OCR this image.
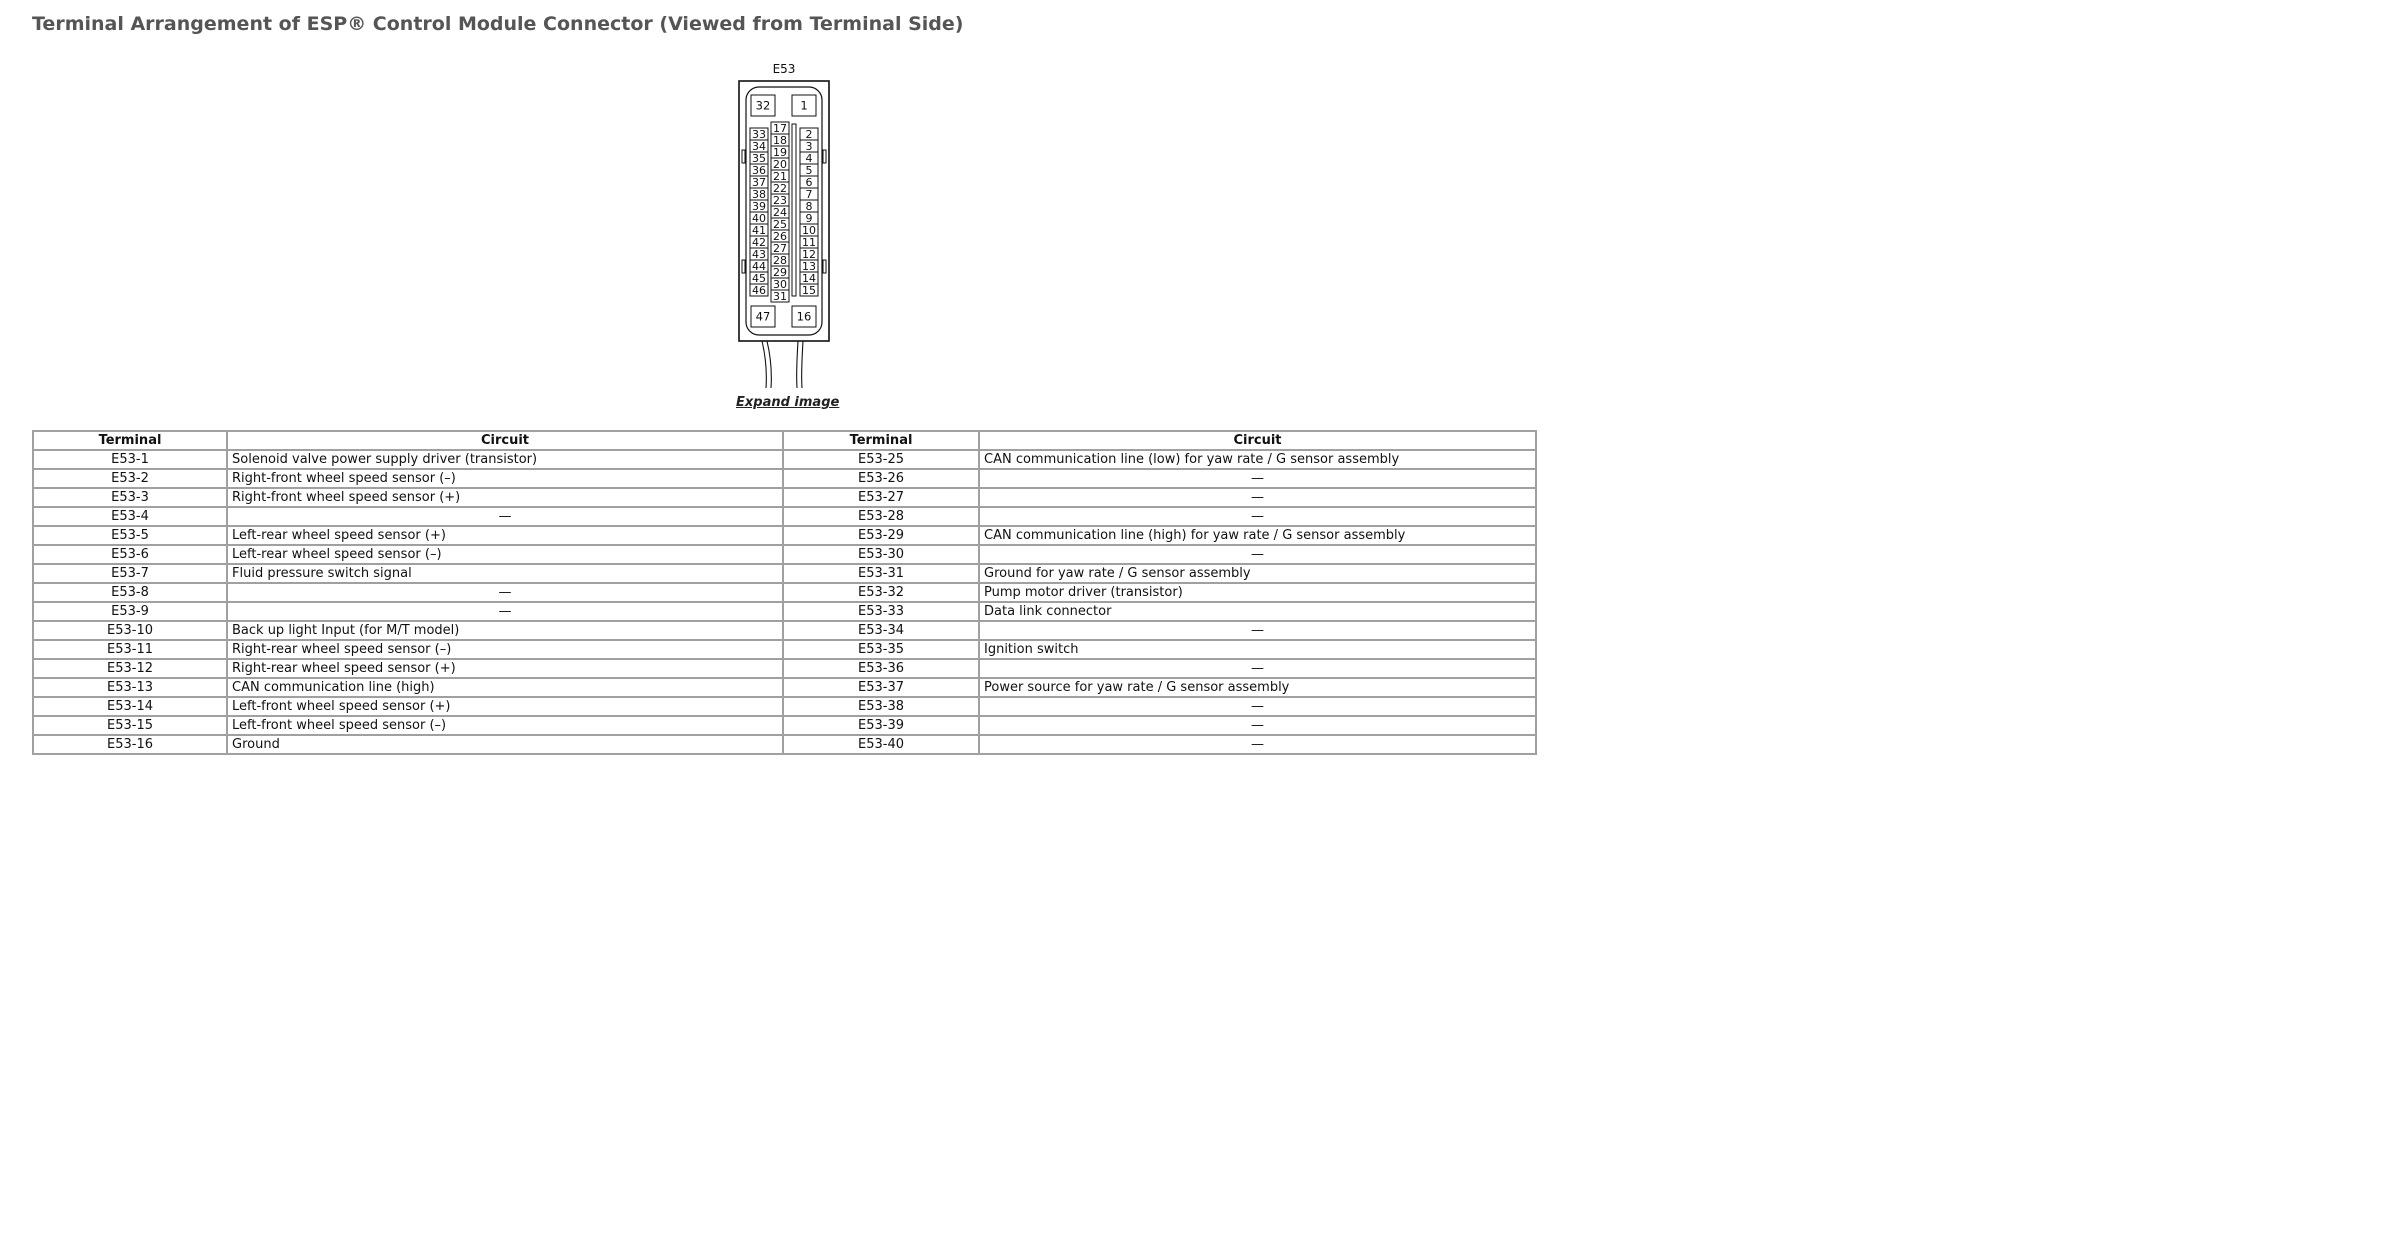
Terminal Arrangement of ESP® Control Module Connector (Viewed from Terminal Side)
E53
32	1
47 16
33
34
35
36
37
38
39
40
41
42
43
44
45
46
17
18
19
20
21
22
23
24
25
26
27
28
29
30
31
2
3
4
5
6
7
8
9
10
11
12
13
14
15
Expand image
Terminal	Circuit	Terminal	Circuit
E53-1	Solenoid valve power supply driver (transistor)	E53-25	CAN communication line (low) for yaw rate / G sensor assembly
E53-2	Right-front wheel speed sensor (–)	E53-26	—
E53-3	Right-front wheel speed sensor (+)	E53-27	—
E53-4	—	E53-28	—
E53-5	Left-rear wheel speed sensor (+)	E53-29	CAN communication line (high) for yaw rate / G sensor assembly
E53-6	Left-rear wheel speed sensor (–)	E53-30	—
E53-7	Fluid pressure switch signal	E53-31	Ground for yaw rate / G sensor assembly
E53-8	—	E53-32	Pump motor driver (transistor)
E53-9	—	E53-33	Data link connector
E53-10	Back up light Input (for M/T model)	E53-34	—
E53-11	Right-rear wheel speed sensor (–)	E53-35	Ignition switch
E53-12	Right-rear wheel speed sensor (+)	E53-36	—
E53-13	CAN communication line (high)	E53-37	Power source for yaw rate / G sensor assembly
E53-14	Left-front wheel speed sensor (+)	E53-38	—
E53-15	Left-front wheel speed sensor (–)	E53-39	—
E53-16	Ground	E53-40	—
